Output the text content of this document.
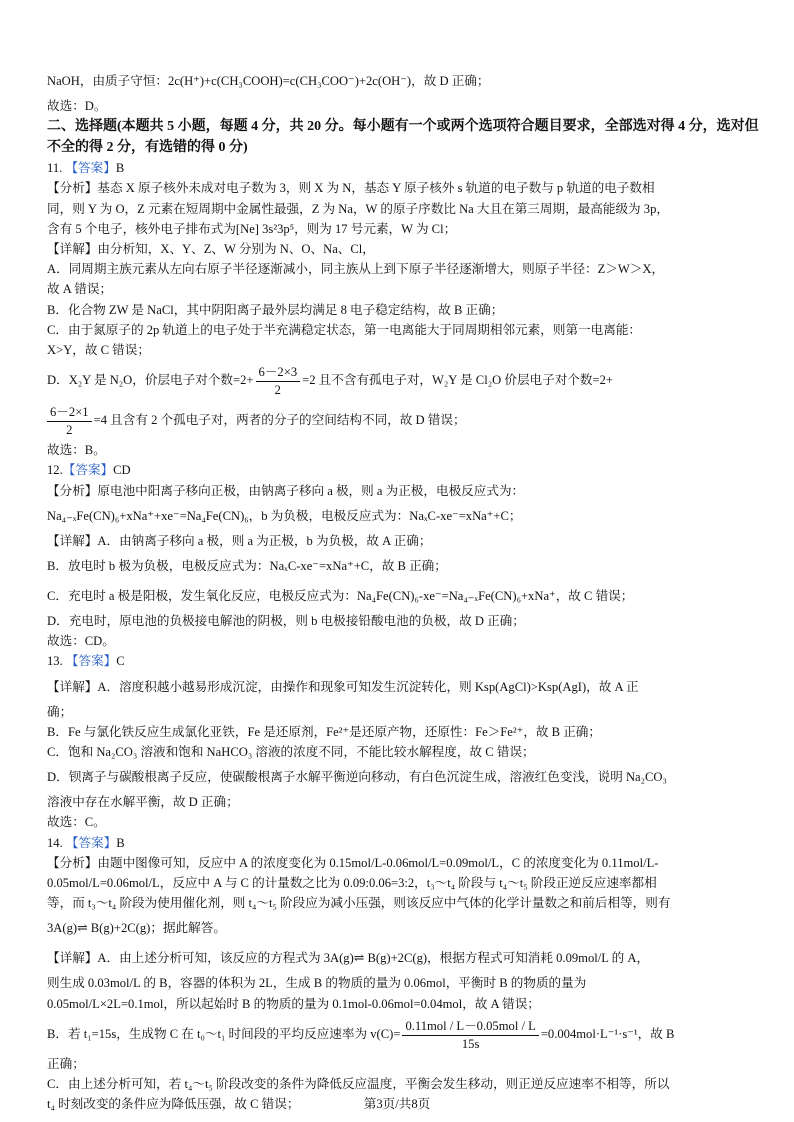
NaOH，由质子守恒：2c(H⁺)+c(CH₃COOH)=c(CH₃COO⁻)+2c(OH⁻)，故 D 正确；
故选：D。
二、选择题(本题共 5 小题，每题 4 分，共 20 分。每小题有一个或两个选项符合题目要求，全部选对得 4 分，选对但不全的得 2 分，有选错的得 0 分)
11. 【答案】B
【分析】基态 X 原子核外未成对电子数为 3，则 X 为 N，基态 Y 原子核外 s 轨道的电子数与 p 轨道的电子数相
同，则 Y 为 O，Z 元素在短周期中金属性最强，Z 为 Na，W 的原子序数比 Na 大且在第三周期，最高能级为 3p，
含有 5 个电子，核外电子排布式为[Ne] 3s²3p⁵，则为 17 号元素，W 为 Cl；
【详解】由分析知，X、Y、Z、W 分别为 N、O、Na、Cl，
A．同周期主族元素从左向右原子半径逐渐减小，同主族从上到下原子半径逐渐增大，则原子半径：Z＞W＞X，
故 A 错误；
B．化合物 ZW 是 NaCl，其中阴阳离子最外层均满足 8 电子稳定结构，故 B 正确；
C．由于氮原子的 2p 轨道上的电子处于半充满稳定状态，第一电离能大于同周期相邻元素，则第一电离能：
X>Y，故 C 错误；
D．X₂Y 是 N₂O，价层电子对个数$=2+ \frac{6-2\times 3}{2} =2$ 且不含有孤电子对，W₂Y 是 Cl₂O 价层电子对个数=2+
$\frac{6-2\times 1}{2} =4$ 且含有 2 个孤电子对，两者的分子的空间结构不同，故 D 错误；
故选：B。
12.【答案】CD
【分析】原电池中阳离子移向正极，由钠离子移向 a 极，则 a 为正极，电极反应式为：
Na₄₋ₓFe(CN)₆+xNa⁺+xe⁻=Na₄Fe(CN)₆，b 为负极，电极反应式为：NaₓC-xe⁻=xNa⁺+C；
【详解】A．由钠离子移向 a 极，则 a 为正极，b 为负极，故 A 正确；
B．放电时 b 极为负极，电极反应式为：NaₓC-xe⁻=xNa⁺+C，故 B 正确；
C．充电时 a 极是阳极，发生氧化反应，电极反应式为：Na₄Fe(CN)₆-xe⁻=Na₄₋ₓFe(CN)₆+xNa⁺，故 C 错误；
D．充电时，原电池的负极接电解池的阴极，则 b 电极接铅酸电池的负极，故 D 正确；
故选：CD。
13. 【答案】C
【详解】A．溶度积越小越易形成沉淀，由操作和现象可知发生沉淀转化，则 Ksp(AgCl)>Ksp(AgI)，故 A 正
确；
B．Fe 与氯化铁反应生成氯化亚铁，Fe 是还原剂，Fe²⁺是还原产物，还原性：Fe＞Fe²⁺，故 B 正确；
C．饱和 Na₂CO₃ 溶液和饱和 NaHCO₃ 溶液的浓度不同，不能比较水解程度，故 C 错误；
D．钡离子与碳酸根离子反应，使碳酸根离子水解平衡逆向移动，有白色沉淀生成，溶液红色变浅，说明 Na₂CO₃
溶液中存在水解平衡，故 D 正确；
故选：C。
14. 【答案】B
【分析】由题中图像可知，反应中 A 的浓度变化为 0.15mol/L-0.06mol/L=0.09mol/L，C 的浓度变化为 0.11mol/L-
0.05mol/L=0.06mol/L，反应中 A 与 C 的计量数之比为 0.09:0.06=3:2，t₃～t₄ 阶段与 t₄～t₅ 阶段正逆反应速率都相
等，而 t₃～t₄ 阶段为使用催化剂，则 t₄～t₅ 阶段应为减小压强，则该反应中气体的化学计量数之和前后相等，则有
3A(g)⇌ B(g)+2C(g)；据此解答。
【详解】A．由上述分析可知，该反应的方程式为 3A(g)⇌ B(g)+2C(g)，根据方程式可知消耗 0.09mol/L 的 A，
则生成 0.03mol/L 的 B，容器的体积为 2L，生成 B 的物质的量为 0.06mol，平衡时 B 的物质的量为
0.05mol/L×2L=0.1mol，所以起始时 B 的物质的量为 0.1mol-0.06mol=0.04mol，故 A 错误；
B．若 t₁=15s，生成物 C 在 t₀～t₁ 时间段的平均反应速率为 $v(C)= \frac{\text{0.11mol / L－0.05mol / L}}{15s} =0.004mol\cdot L^{-1}\cdot s^{-1}$，故 B
正确；
C．由上述分析可知，若 t₄～t₅ 阶段改变的条件为降低反应温度，平衡会发生移动，则正逆反应速率不相等，所以
t₄ 时刻改变的条件应为降低压强，故 C 错误；	第3页/共8页
